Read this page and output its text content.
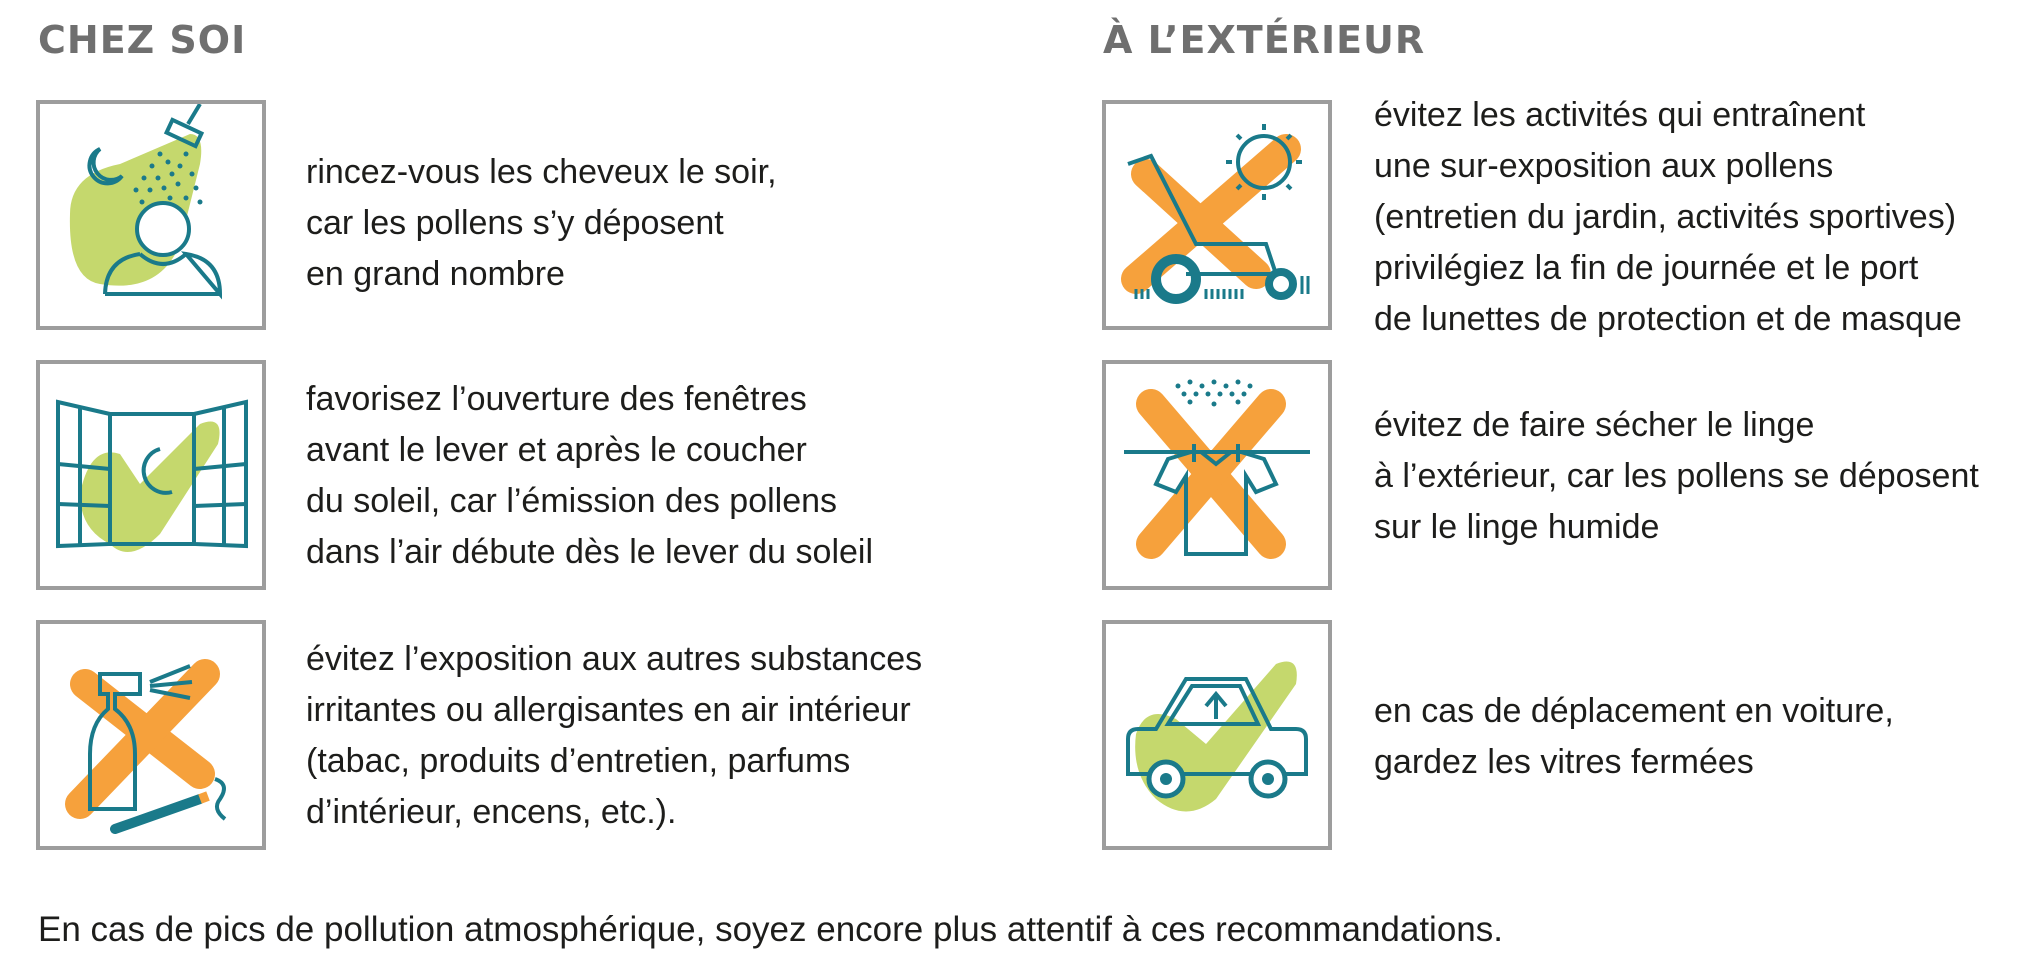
CHEZ SOI	À L’EXTÉRIEUR
rincez-vous les cheveux le soir,
car les pollens s’y déposent
en grand nombre
favorisez l’ouverture des fenêtres
avant le lever et après le coucher
du soleil, car l’émission des pollens
dans l’air débute dès le lever du soleil
évitez l’exposition aux autres substances
irritantes ou allergisantes en air intérieur
(tabac, produits d’entretien, parfums
d’intérieur, encens, etc.).
évitez les activités qui entraînent
une sur-exposition aux pollens
(entretien du jardin, activités sportives)
privilégiez la fin de journée et le port
de lunettes de protection et de masque
évitez de faire sécher le linge
à l’extérieur, car les pollens se déposent
sur le linge humide
en cas de déplacement en voiture,
gardez les vitres fermées
En cas de pics de pollution atmosphérique, soyez encore plus attentif à ces recommandations.
